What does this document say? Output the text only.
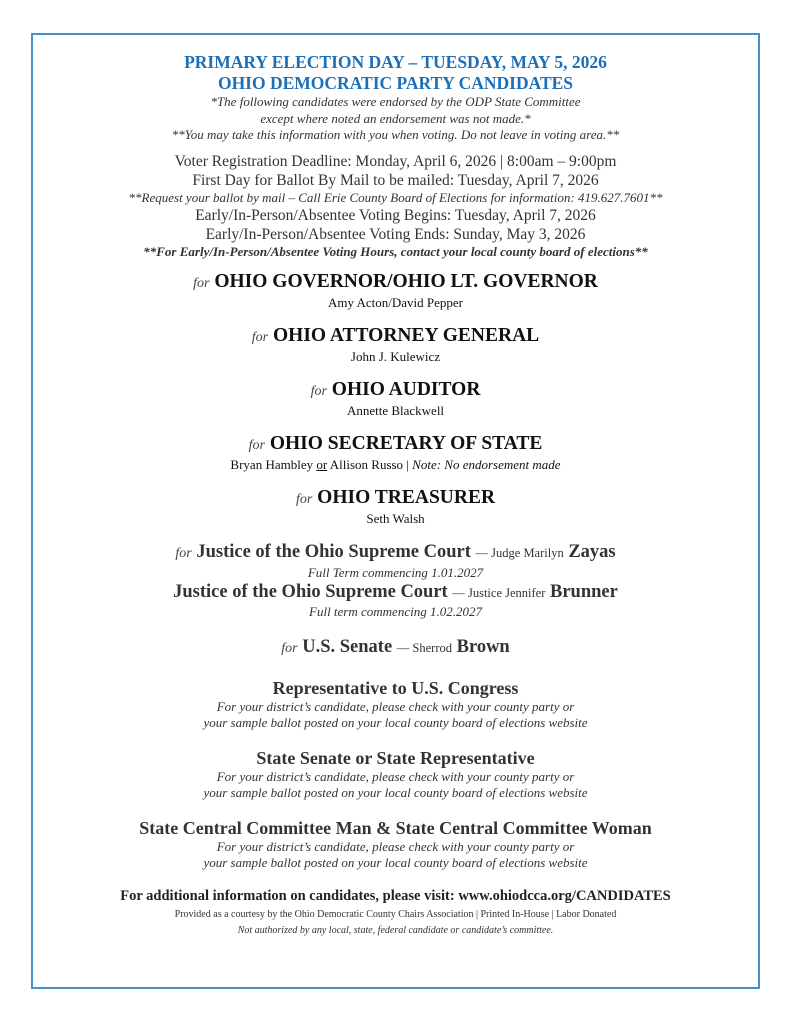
PRIMARY ELECTION DAY – TUESDAY, MAY 5, 2026

OHIO DEMOCRATIC PARTY CANDIDATES

*The following candidates were endorsed by the ODP State Committee

except where noted an endorsement was not made.*

**You may take this information with you when voting. Do not leave in voting area.**

Voter Registration Deadline: Monday, April 6, 2026 | 8:00am – 9:00pm

First Day for Ballot By Mail to be mailed: Tuesday, April 7, 2026

**Request your ballot by mail – Call Erie County Board of Elections for information: 419.627.7601**

Early/In-Person/Absentee Voting Begins: Tuesday, April 7, 2026

Early/In-Person/Absentee Voting Ends: Sunday, May 3, 2026

**For Early/In-Person/Absentee Voting Hours, contact your local county board of elections**

for OHIO GOVERNOR/OHIO LT. GOVERNOR

Amy Acton/David Pepper

for OHIO ATTORNEY GENERAL

John J. Kulewicz

for OHIO AUDITOR

Annette Blackwell

for OHIO SECRETARY OF STATE

Bryan Hambley or Allison Russo | Note: No endorsement made

for OHIO TREASURER

Seth Walsh

for Justice of the Ohio Supreme Court — Judge Marilyn Zayas

Full Term commencing 1.01.2027

Justice of the Ohio Supreme Court — Justice Jennifer Brunner

Full term commencing 1.02.2027

for U.S. Senate — Sherrod Brown

Representative to U.S. Congress

For your district’s candidate, please check with your county party or

your sample ballot posted on your local county board of elections website

State Senate or State Representative

For your district’s candidate, please check with your county party or

your sample ballot posted on your local county board of elections website

State Central Committee Man & State Central Committee Woman

For your district’s candidate, please check with your county party or

your sample ballot posted on your local county board of elections website

For additional information on candidates, please visit: www.ohiodcca.org/CANDIDATES

Provided as a courtesy by the Ohio Democratic County Chairs Association | Printed In-House | Labor Donated

Not authorized by any local, state, federal candidate or candidate’s committee.
